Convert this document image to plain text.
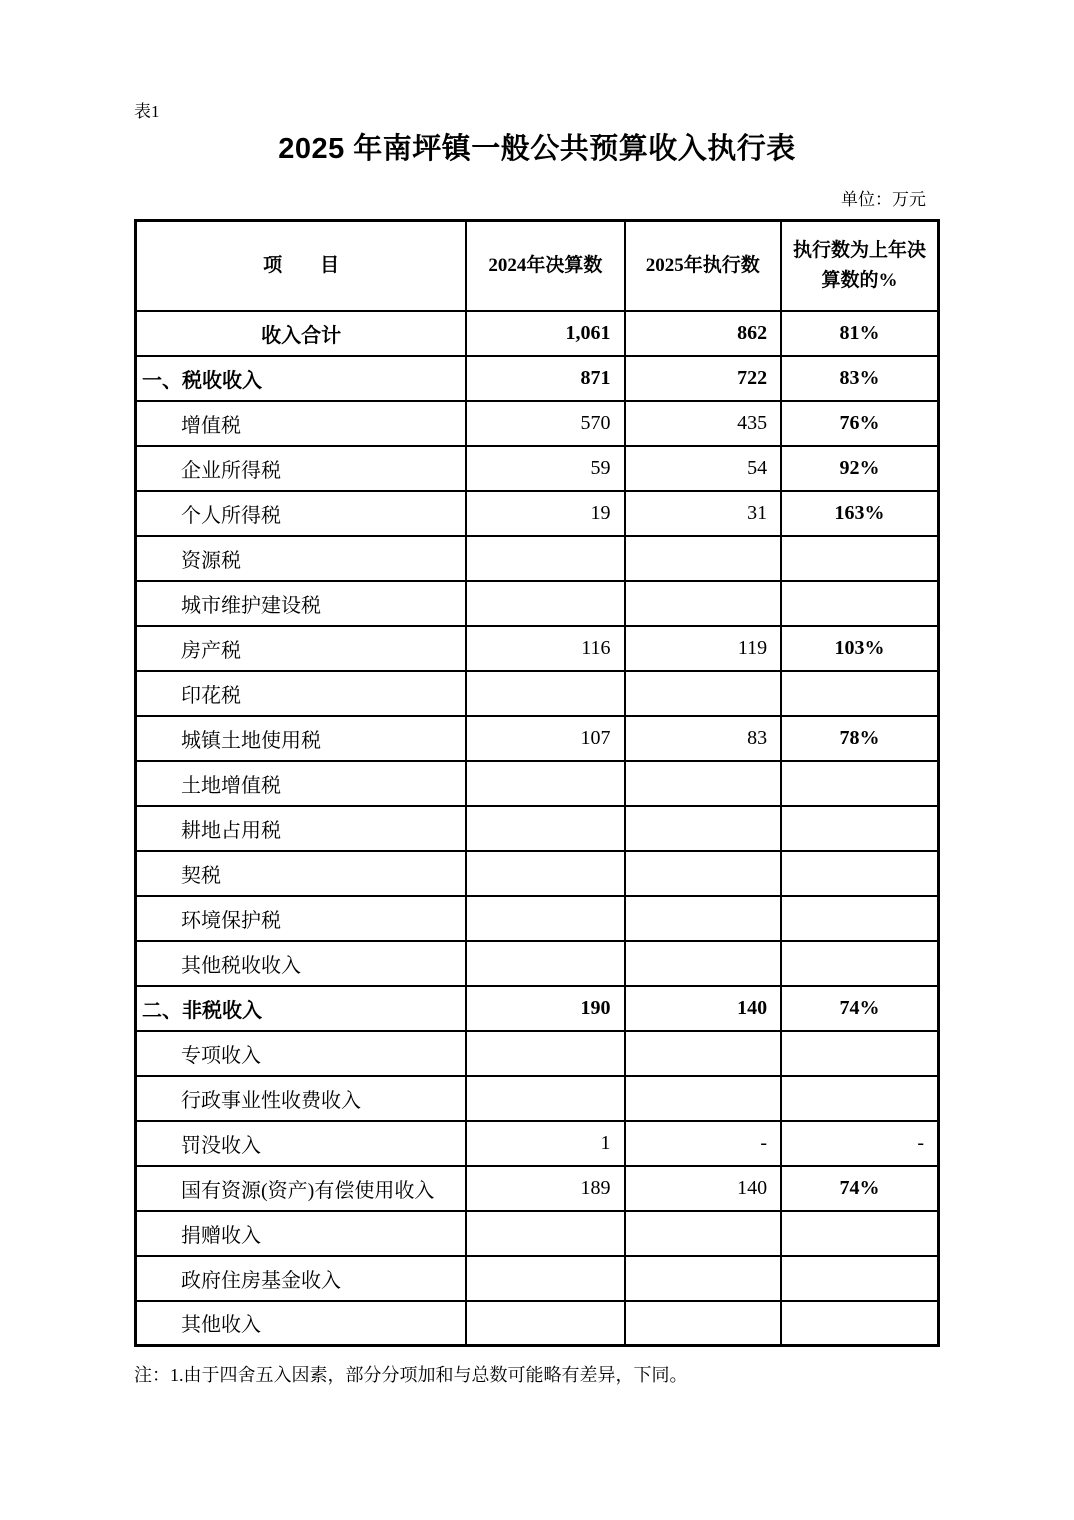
表1
2025 年南坪镇一般公共预算收入执行表
单位：万元
项　　目	2024年决算数	2025年执行数	执行数为上年决算数的%
收入合计	1,061	862	81%
一、税收收入	871	722	83%
增值税	570	435	76%
企业所得税	59	54	92%
个人所得税	19	31	163%
资源税			
城市维护建设税			
房产税	116	119	103%
印花税			
城镇土地使用税	107	83	78%
土地增值税			
耕地占用税			
契税			
环境保护税			
其他税收收入			
二、非税收入	190	140	74%
专项收入			
行政事业性收费收入			
罚没收入	1	-	-
国有资源(资产)有偿使用收入	189	140	74%
捐赠收入			
政府住房基金收入			
其他收入			
注：1.由于四舍五入因素，部分分项加和与总数可能略有差异，下同。
